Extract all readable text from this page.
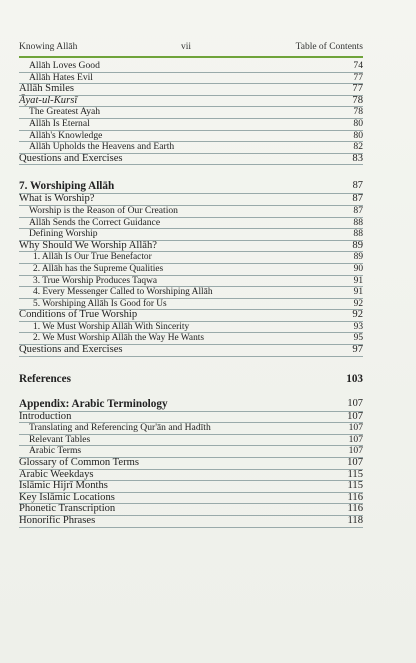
Knowing Allāh	vii	Table of Contents
Allāh Loves Good	74
Allāh Hates Evil	77
Allāh Smiles	77
Āyat-ul-Kursī	78
The Greatest Ayah	78
Allāh Is Eternal	80
Allāh's Knowledge	80
Allāh Upholds the Heavens and Earth	82
Questions and Exercises	83
7. Worshiping Allāh	87
What is Worship?	87
Worship is the Reason of Our Creation	87
Allāh Sends the Correct Guidance	88
Defining Worship	88
Why Should We Worship Allāh?	89
1. Allāh Is Our True Benefactor	89
2. Allāh has the Supreme Qualities	90
3. True Worship Produces Taqwa	91
4. Every Messenger Called to Worshiping Allāh	91
5. Worshiping Allāh Is Good for Us	92
Conditions of True Worship	92
1. We Must Worship Allāh With Sincerity	93
2. We Must Worship Allāh the Way He Wants	95
Questions and Exercises	97
References	103
Appendix: Arabic Terminology	107
Introduction	107
Translating and Referencing Qur'ān and Hadīth	107
Relevant Tables	107
Arabic Terms	107
Glossary of Common Terms	107
Arabic Weekdays	115
Islāmic Hijrī Months	115
Key Islāmic Locations	116
Phonetic Transcription	116
Honorific Phrases	118
